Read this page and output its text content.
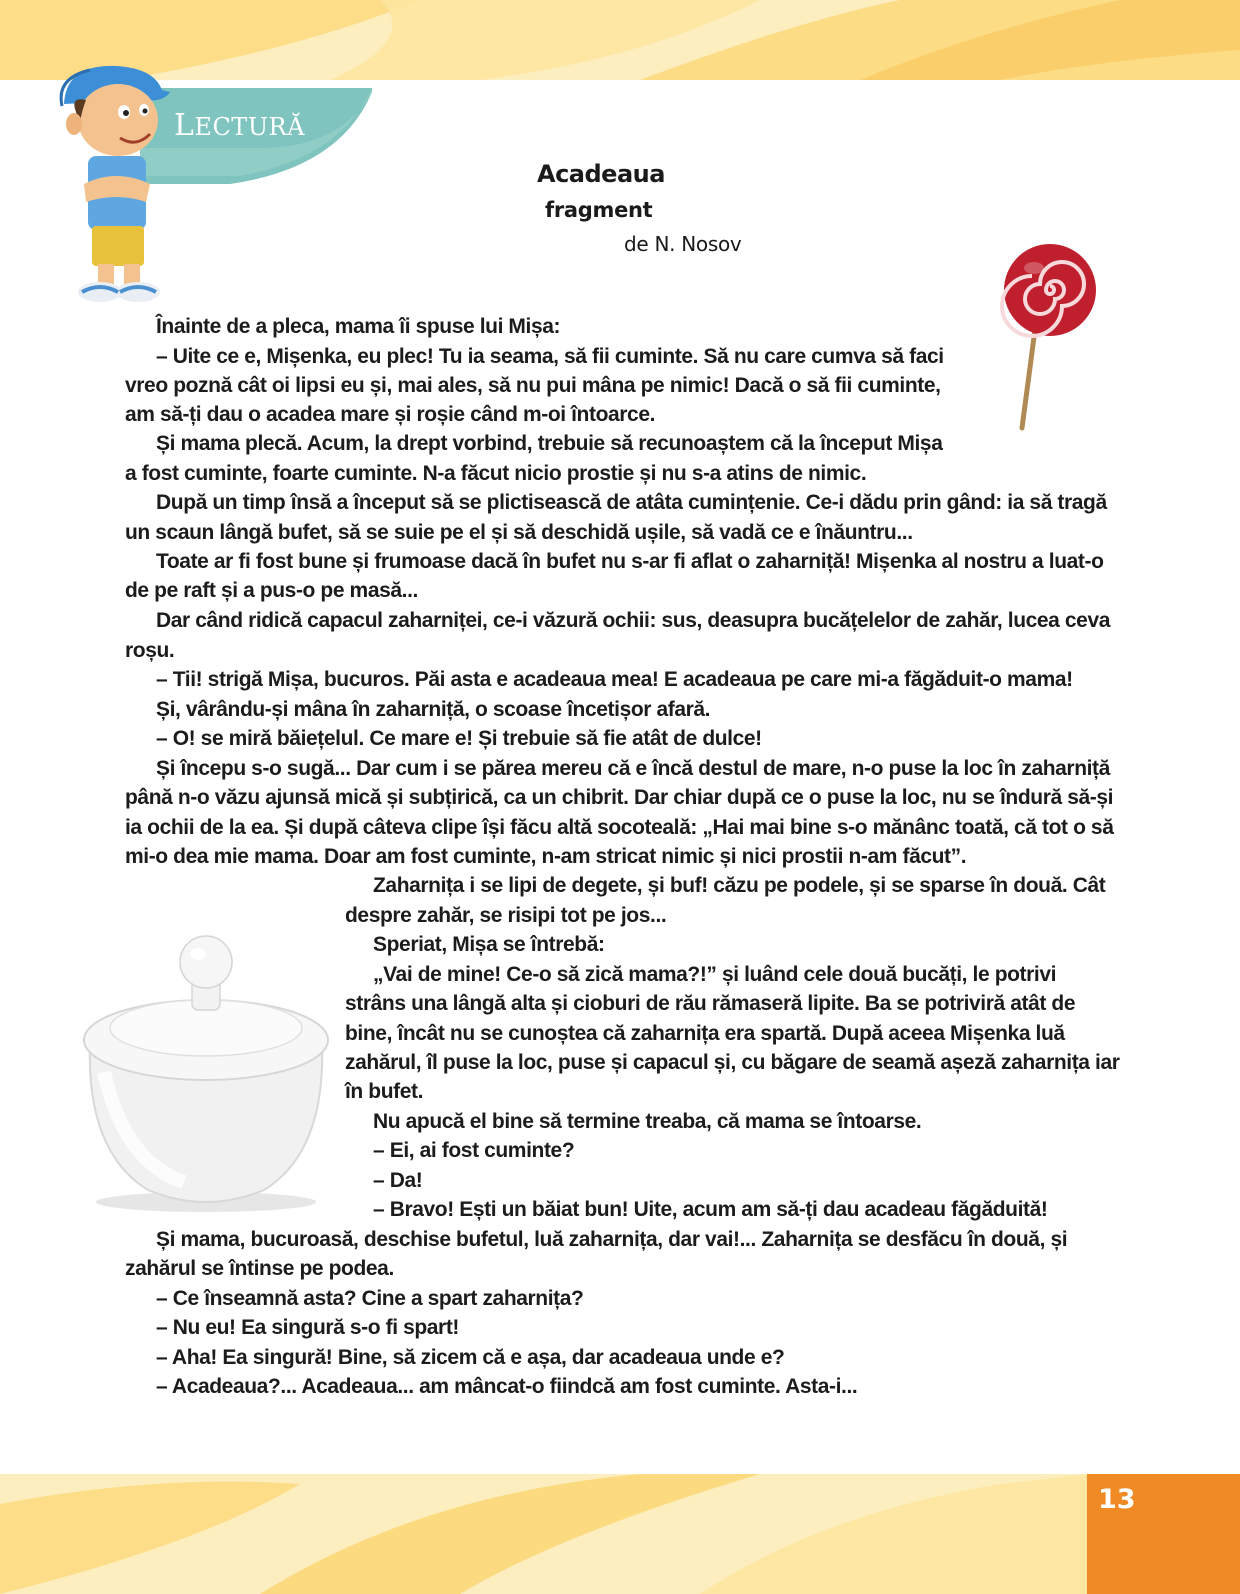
LECTURĂ
Acadeaua
fragment
de N. Nosov
Înainte de a pleca, mama îi spuse lui Mișa:
– Uite ce e, Mișenka, eu plec! Tu ia seama, să fii cuminte. Să nu care cumva să faci
vreo poznă cât oi lipsi eu și, mai ales, să nu pui mâna pe nimic! Dacă o să fii cuminte,
am să-ți dau o acadea mare și roșie când m-oi întoarce.
Și mama plecă. Acum, la drept vorbind, trebuie să recunoaștem că la început Mișa
a fost cuminte, foarte cuminte. N-a făcut nicio prostie și nu s-a atins de nimic.
După un timp însă a început să se plictisească de atâta cumințenie. Ce-i dădu prin gând: ia să tragă
un scaun lângă bufet, să se suie pe el și să deschidă ușile, să vadă ce e înăuntru...
Toate ar fi fost bune și frumoase dacă în bufet nu s-ar fi aflat o zaharniță! Mișenka al nostru a luat-o
de pe raft și a pus-o pe masă...
Dar când ridică capacul zaharniței, ce-i văzură ochii: sus, deasupra bucățelelor de zahăr, lucea ceva
roșu.
– Tii! strigă Mișa, bucuros. Păi asta e acadeaua mea! E acadeaua pe care mi-a făgăduit-o mama!
Și, vârându-și mâna în zaharniță, o scoase încetișor afară.
– O! se miră băiețelul. Ce mare e! Și trebuie să fie atât de dulce!
Și începu s-o sugă... Dar cum i se părea mereu că e încă destul de mare, n-o puse la loc în zaharniță
până n-o văzu ajunsă mică și subțirică, ca un chibrit. Dar chiar după ce o puse la loc, nu se îndură să-și
ia ochii de la ea. Și după câteva clipe își făcu altă socoteală: „Hai mai bine s-o mănânc toată, că tot o să
mi-o dea mie mama. Doar am fost cuminte, n-am stricat nimic și nici prostii n-am făcut”.
Zaharnița i se lipi de degete, și buf! căzu pe podele, și se sparse în două. Cât
despre zahăr, se risipi tot pe jos...
Speriat, Mișa se întrebă:
„Vai de mine! Ce-o să zică mama?!” și luând cele două bucăți, le potrivi
strâns una lângă alta și cioburi de rău rămaseră lipite. Ba se potriviră atât de
bine, încât nu se cunoștea că zaharnița era spartă. După aceea Mișenka luă
zahărul, îl puse la loc, puse și capacul și, cu băgare de seamă așeză zaharnița iar
în bufet.
Nu apucă el bine să termine treaba, că mama se întoarse.
– Ei, ai fost cuminte?
– Da!
– Bravo! Ești un băiat bun! Uite, acum am să-ți dau acadeau făgăduită!
Și mama, bucuroasă, deschise bufetul, luă zaharnița, dar vai!... Zaharnița se desfăcu în două, și
zahărul se întinse pe podea.
– Ce înseamnă asta? Cine a spart zaharnița?
– Nu eu! Ea singură s-o fi spart!
– Aha! Ea singură! Bine, să zicem că e așa, dar acadeaua unde e?
– Acadeaua?... Acadeaua... am mâncat-o fiindcă am fost cuminte. Asta-i...
13
